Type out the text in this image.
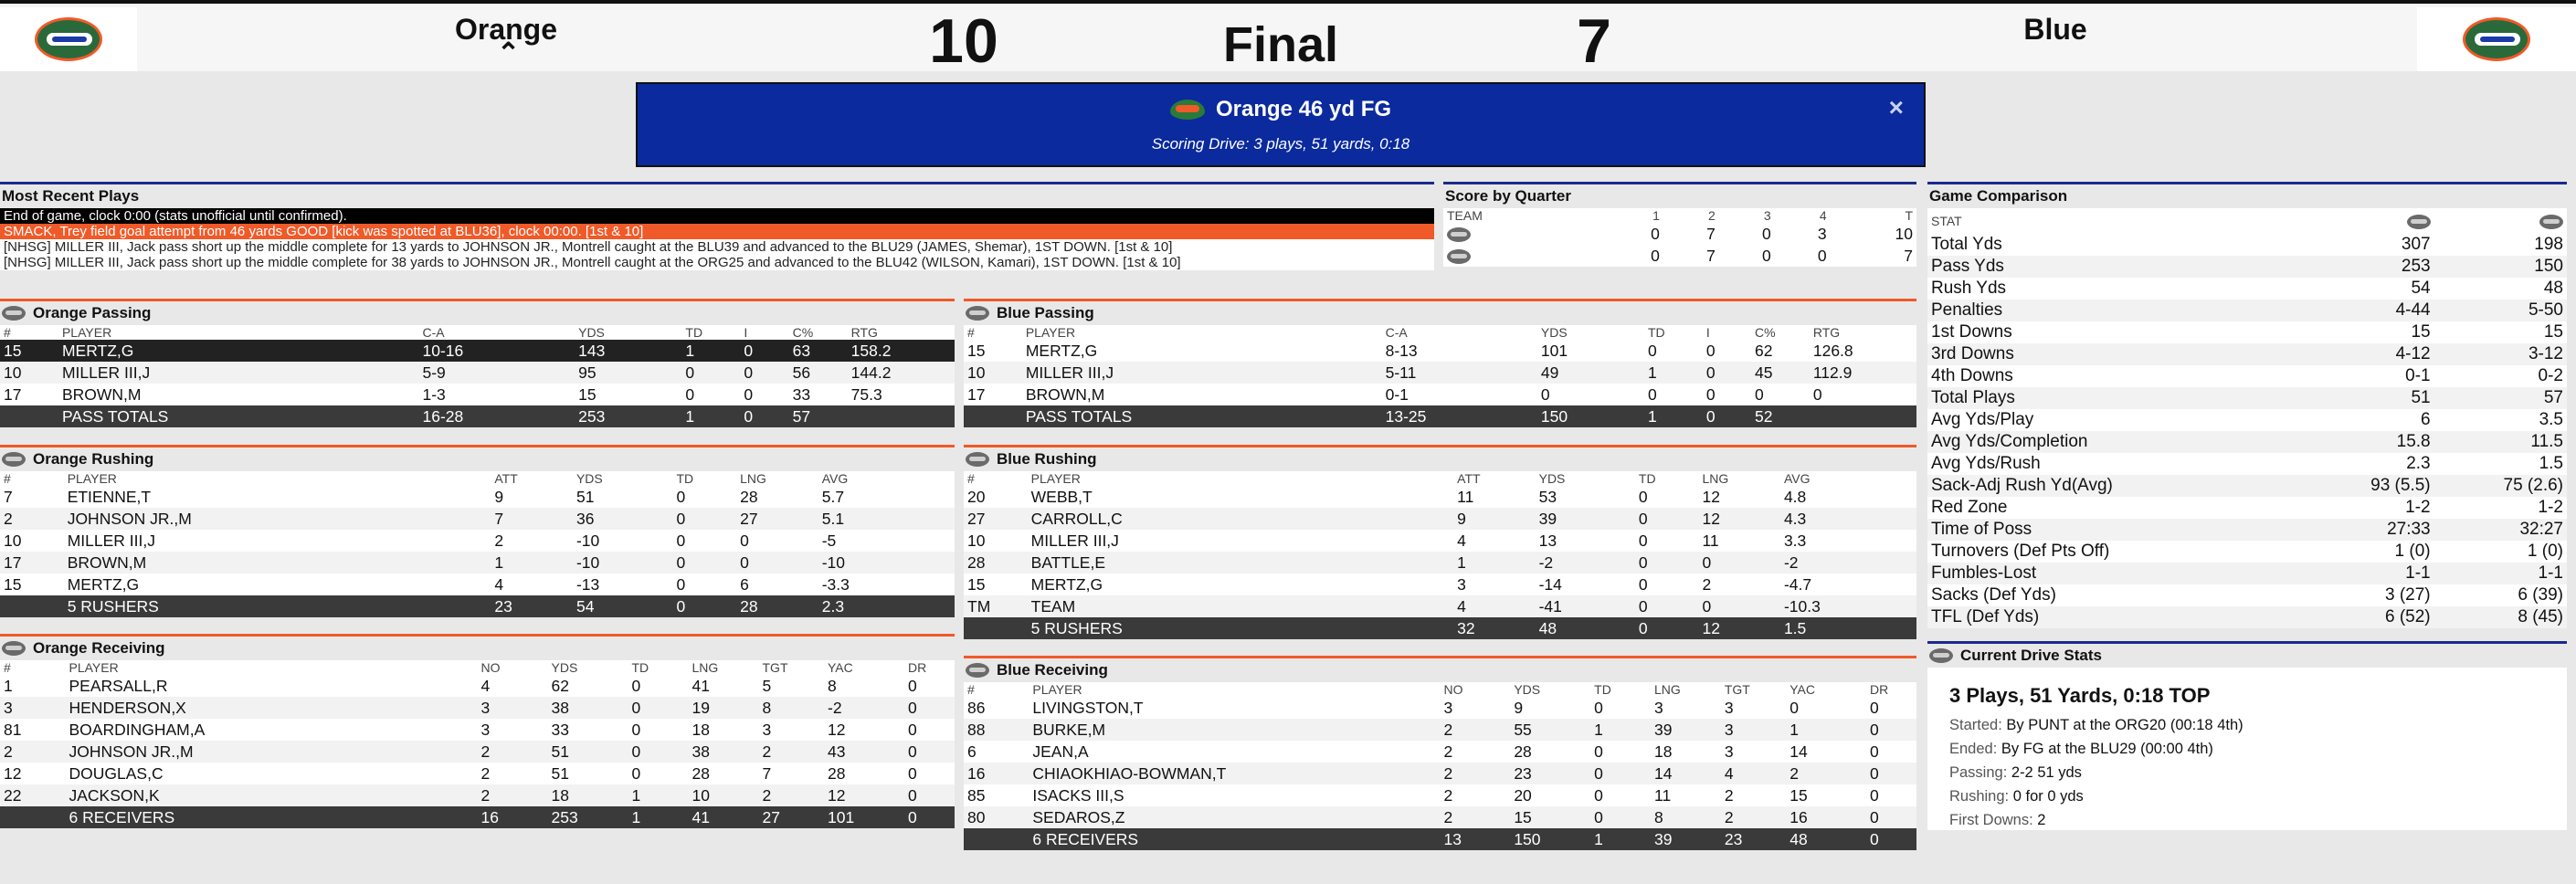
Orange
⌃	10	Final	7	Blue
Orange 46 yd FG
Scoring Drive: 3 plays, 51 yards, 0:18
×
Most Recent Plays
End of game, clock 0:00 (stats unofficial until confirmed).
SMACK, Trey field goal attempt from 46 yards GOOD [kick was spotted at BLU36], clock 00:00. [1st & 10]
[NHSG] MILLER III, Jack pass short up the middle complete for 13 yards to JOHNSON JR., Montrell caught at the BLU39 and advanced to the BLU29 (JAMES, Shemar), 1ST DOWN. [1st & 10]
[NHSG] MILLER III, Jack pass short up the middle complete for 38 yards to JOHNSON JR., Montrell caught at the ORG25 and advanced to the BLU42 (WILSON, Kamari), 1ST DOWN. [1st & 10]
Score by Quarter
TEAM	1	2	3	4	T
	0	7	0	3	10
	0	7	0	0	7
Game Comparison
STAT		
Total Yds	307	198
Pass Yds	253	150
Rush Yds	54	48
Penalties	4-44	5-50
1st Downs	15	15
3rd Downs	4-12	3-12
4th Downs	0-1	0-2
Total Plays	51	57
Avg Yds/Play	6	3.5
Avg Yds/Completion	15.8	11.5
Avg Yds/Rush	2.3	1.5
Sack-Adj Rush Yd(Avg)	93 (5.5)	75 (2.6)
Red Zone	1-2	1-2
Time of Poss	27:33	32:27
Turnovers (Def Pts Off)	1 (0)	1 (0)
Fumbles-Lost	1-1	1-1
Sacks (Def Yds)	3 (27)	6 (39)
TFL (Def Yds)	6 (52)	8 (45)
Current Drive Stats
3 Plays, 51 Yards, 0:18 TOP
Started: By PUNT at the ORG20 (00:18 4th)
Ended: By FG at the BLU29 (00:00 4th)
Passing: 2-2 51 yds
Rushing: 0 for 0 yds
First Downs: 2
Orange Passing
#	PLAYER	C-A	YDS	TD	I	C%	RTG
15	MERTZ,G	10-16	143	1	0	63	158.2
10	MILLER III,J	5-9	95	0	0	56	144.2
17	BROWN,M	1-3	15	0	0	33	75.3
	PASS TOTALS	16-28	253	1	0	57	
Blue Passing
#	PLAYER	C-A	YDS	TD	I	C%	RTG
15	MERTZ,G	8-13	101	0	0	62	126.8
10	MILLER III,J	5-11	49	1	0	45	112.9
17	BROWN,M	0-1	0	0	0	0	0
	PASS TOTALS	13-25	150	1	0	52	
Orange Rushing
#	PLAYER	ATT	YDS	TD	LNG	AVG
7	ETIENNE,T	9	51	0	28	5.7
2	JOHNSON JR.,M	7	36	0	27	5.1
10	MILLER III,J	2	-10	0	0	-5
17	BROWN,M	1	-10	0	0	-10
15	MERTZ,G	4	-13	0	6	-3.3
	5 RUSHERS	23	54	0	28	2.3
Blue Rushing
#	PLAYER	ATT	YDS	TD	LNG	AVG
20	WEBB,T	11	53	0	12	4.8
27	CARROLL,C	9	39	0	12	4.3
10	MILLER III,J	4	13	0	11	3.3
28	BATTLE,E	1	-2	0	0	-2
15	MERTZ,G	3	-14	0	2	-4.7
TM	TEAM	4	-41	0	0	-10.3
	5 RUSHERS	32	48	0	12	1.5
Orange Receiving
#	PLAYER	NO	YDS	TD	LNG	TGT	YAC	DR
1	PEARSALL,R	4	62	0	41	5	8	0
3	HENDERSON,X	3	38	0	19	8	-2	0
81	BOARDINGHAM,A	3	33	0	18	3	12	0
2	JOHNSON JR.,M	2	51	0	38	2	43	0
12	DOUGLAS,C	2	51	0	28	7	28	0
22	JACKSON,K	2	18	1	10	2	12	0
	6 RECEIVERS	16	253	1	41	27	101	0
Blue Receiving
#	PLAYER	NO	YDS	TD	LNG	TGT	YAC	DR
86	LIVINGSTON,T	3	9	0	3	3	0	0
88	BURKE,M	2	55	1	39	3	1	0
6	JEAN,A	2	28	0	18	3	14	0
16	CHIAOKHIAO-BOWMAN,T	2	23	0	14	4	2	0
85	ISACKS III,S	2	20	0	11	2	15	0
80	SEDAROS,Z	2	15	0	8	2	16	0
	6 RECEIVERS	13	150	1	39	23	48	0
